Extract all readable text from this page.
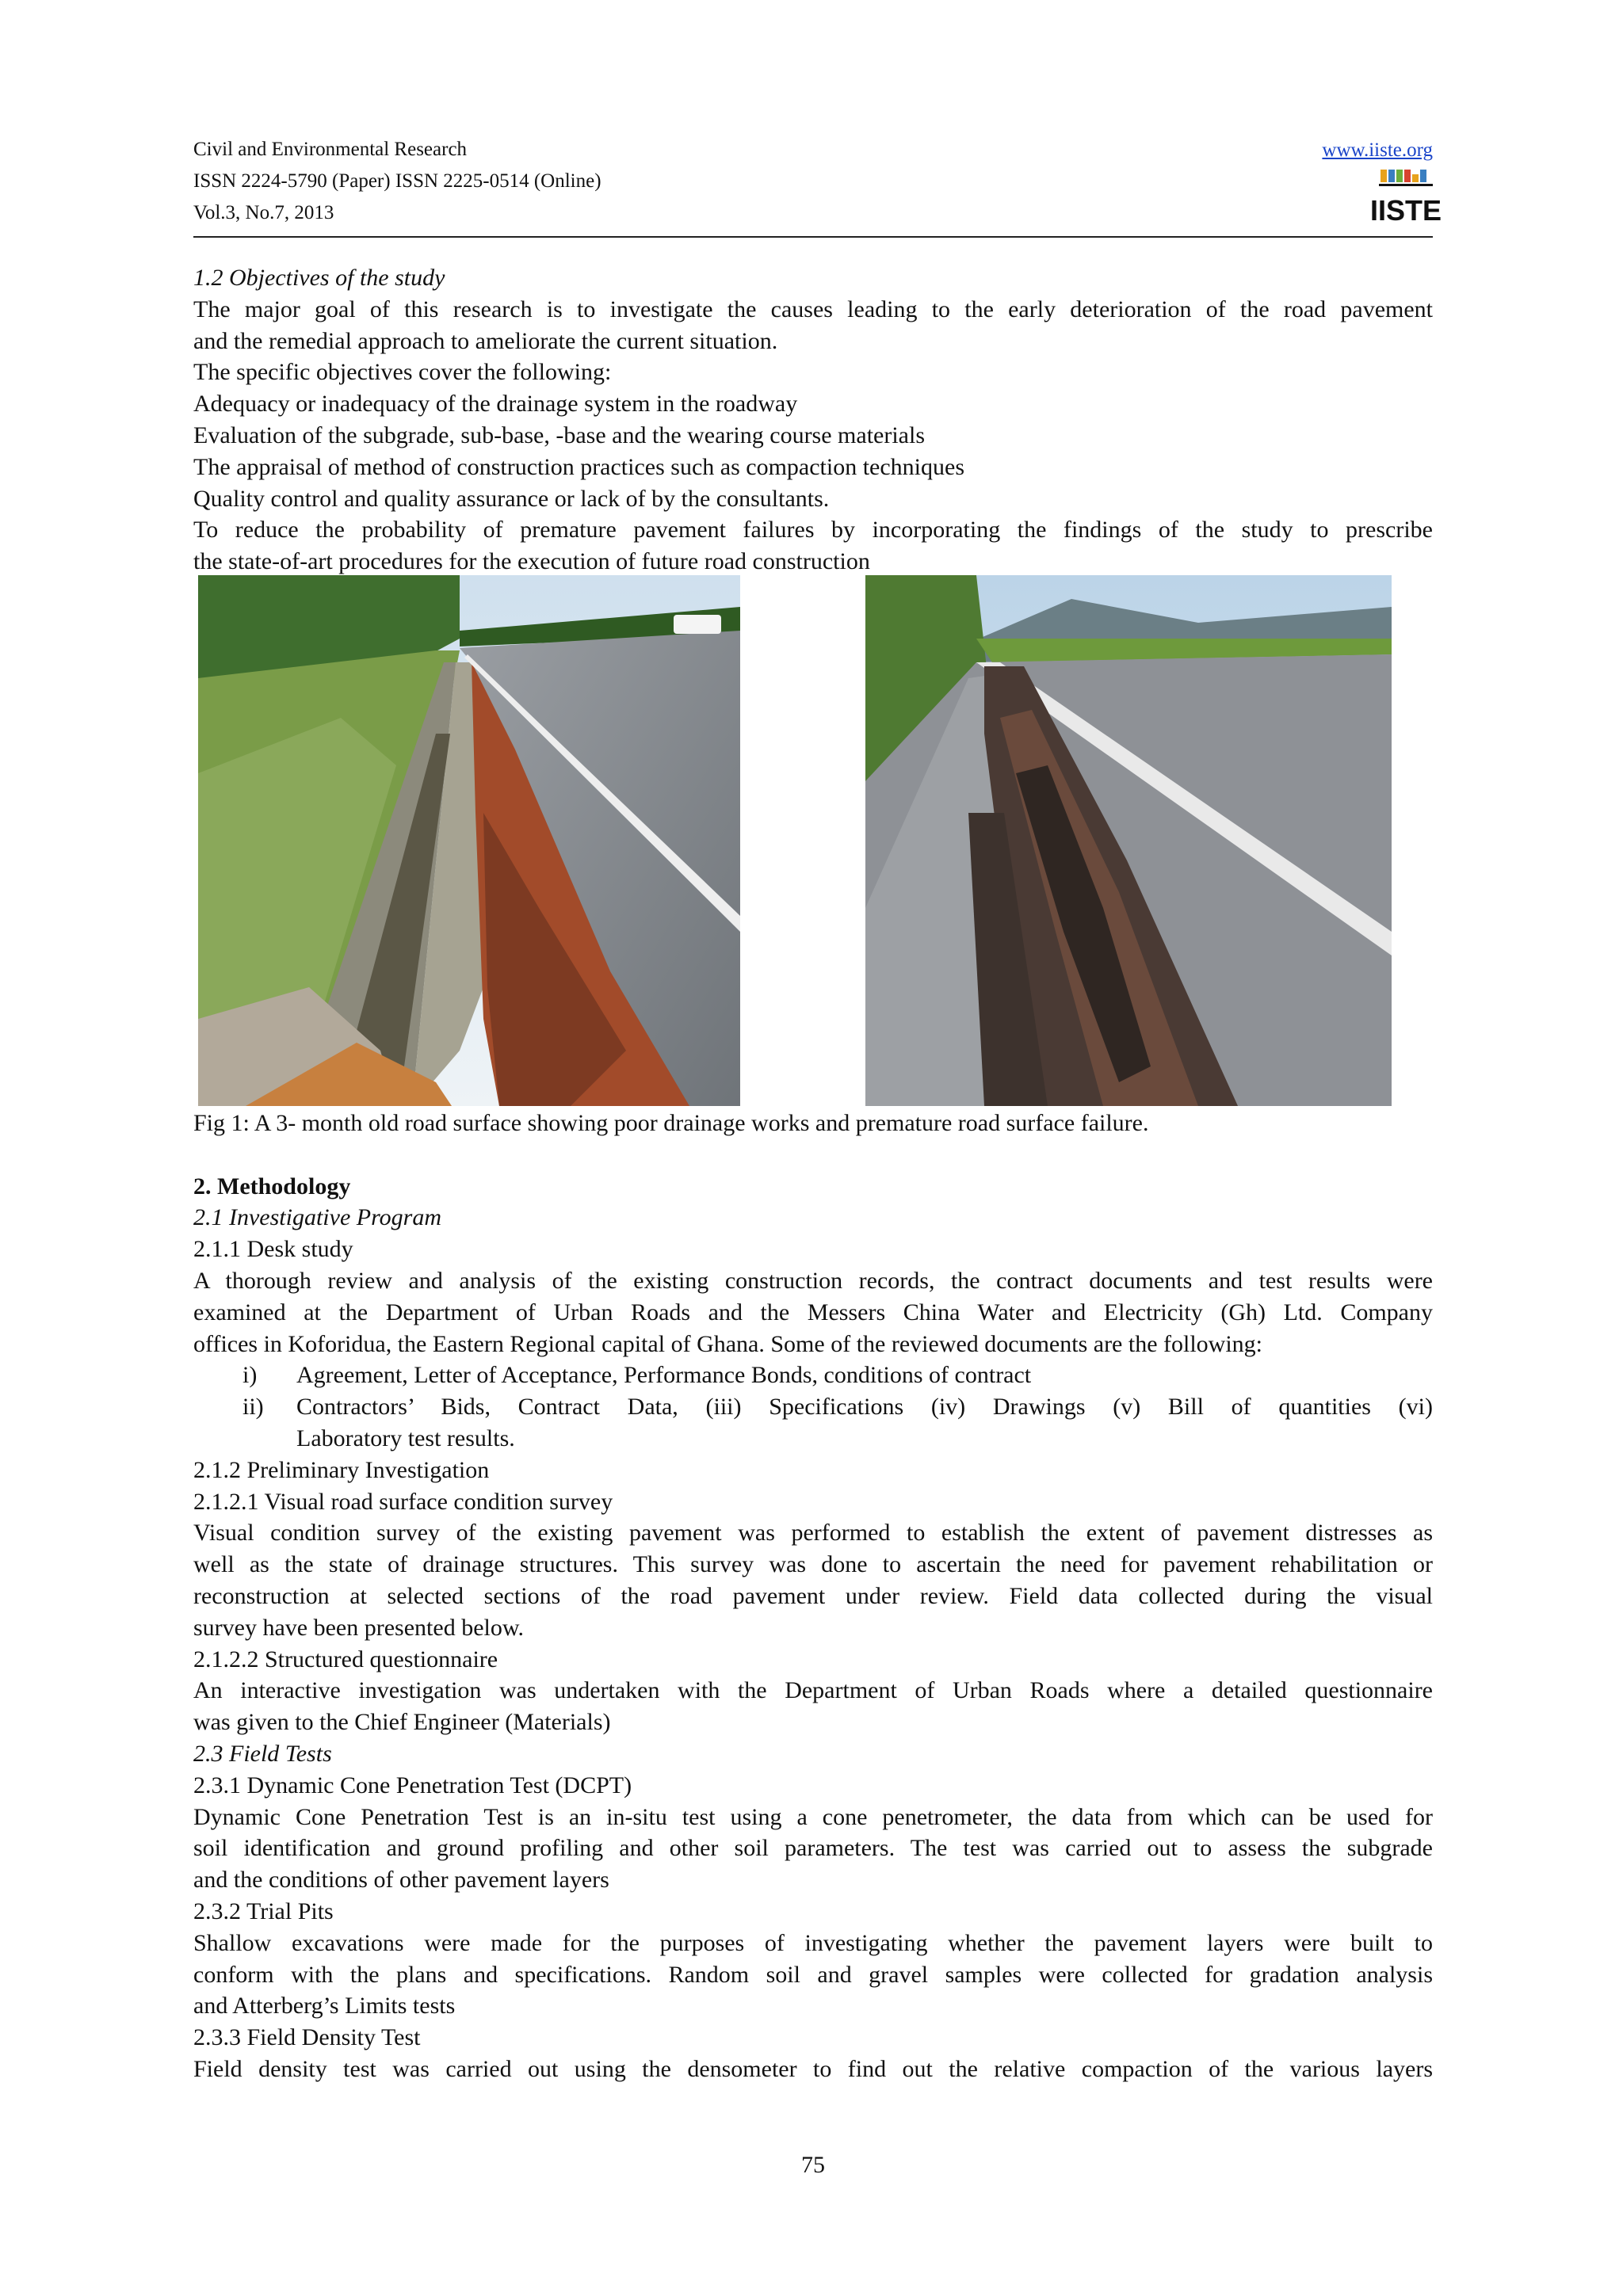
Civil and Environmental Research
ISSN 2224-5790 (Paper) ISSN 2225-0514 (Online)
Vol.3, No.7, 2013
www.iiste.org
IISTE
1.2 Objectives of the study
The major goal of this research is to investigate the causes leading to the early deterioration of the road pavement
and the remedial approach to ameliorate the current situation.
The specific objectives cover the following:
Adequacy or inadequacy of the drainage system in the roadway
Evaluation of the subgrade, sub-base, -base and the wearing course materials
The appraisal of method of construction practices such as compaction techniques
Quality control and quality assurance or lack of by the consultants.
To reduce the probability of premature pavement failures by incorporating the findings of the study to prescribe
the state-of-art procedures for the execution of future road construction
Fig 1: A 3- month old road surface showing poor drainage works and premature road surface failure.
2. Methodology
2.1 Investigative Program
2.1.1 Desk study
A thorough review and analysis of the existing construction records, the contract documents and test results were
examined at the Department of Urban Roads and the Messers China Water and Electricity (Gh) Ltd. Company
offices in Koforidua, the Eastern Regional capital of Ghana. Some of the reviewed documents are the following:
i)	Agreement, Letter of Acceptance, Performance Bonds, conditions of contract
ii)	Contractors’ Bids, Contract Data, (iii) Specifications (iv) Drawings (v) Bill of quantities (vi)
Laboratory test results.
2.1.2 Preliminary Investigation
2.1.2.1 Visual road surface condition survey
Visual condition survey of the existing pavement was performed to establish the extent of pavement distresses as
well as the state of drainage structures. This survey was done to ascertain the need for pavement rehabilitation or
reconstruction at selected sections of the road pavement under review. Field data collected during the visual
survey have been presented below.
2.1.2.2 Structured questionnaire
An interactive investigation was undertaken with the Department of Urban Roads where a detailed questionnaire
was given to the Chief Engineer (Materials)
2.3 Field Tests
2.3.1 Dynamic Cone Penetration Test (DCPT)
Dynamic Cone Penetration Test is an in-situ test using a cone penetrometer, the data from which can be used for
soil identification and ground profiling and other soil parameters. The test was carried out to assess the subgrade
and the conditions of other pavement layers
2.3.2 Trial Pits
Shallow excavations were made for the purposes of investigating whether the pavement layers were built to
conform with the plans and specifications. Random soil and gravel samples were collected for gradation analysis
and Atterberg’s Limits tests
2.3.3 Field Density Test
Field density test was carried out using the densometer to find out the relative compaction of the various layers
75
